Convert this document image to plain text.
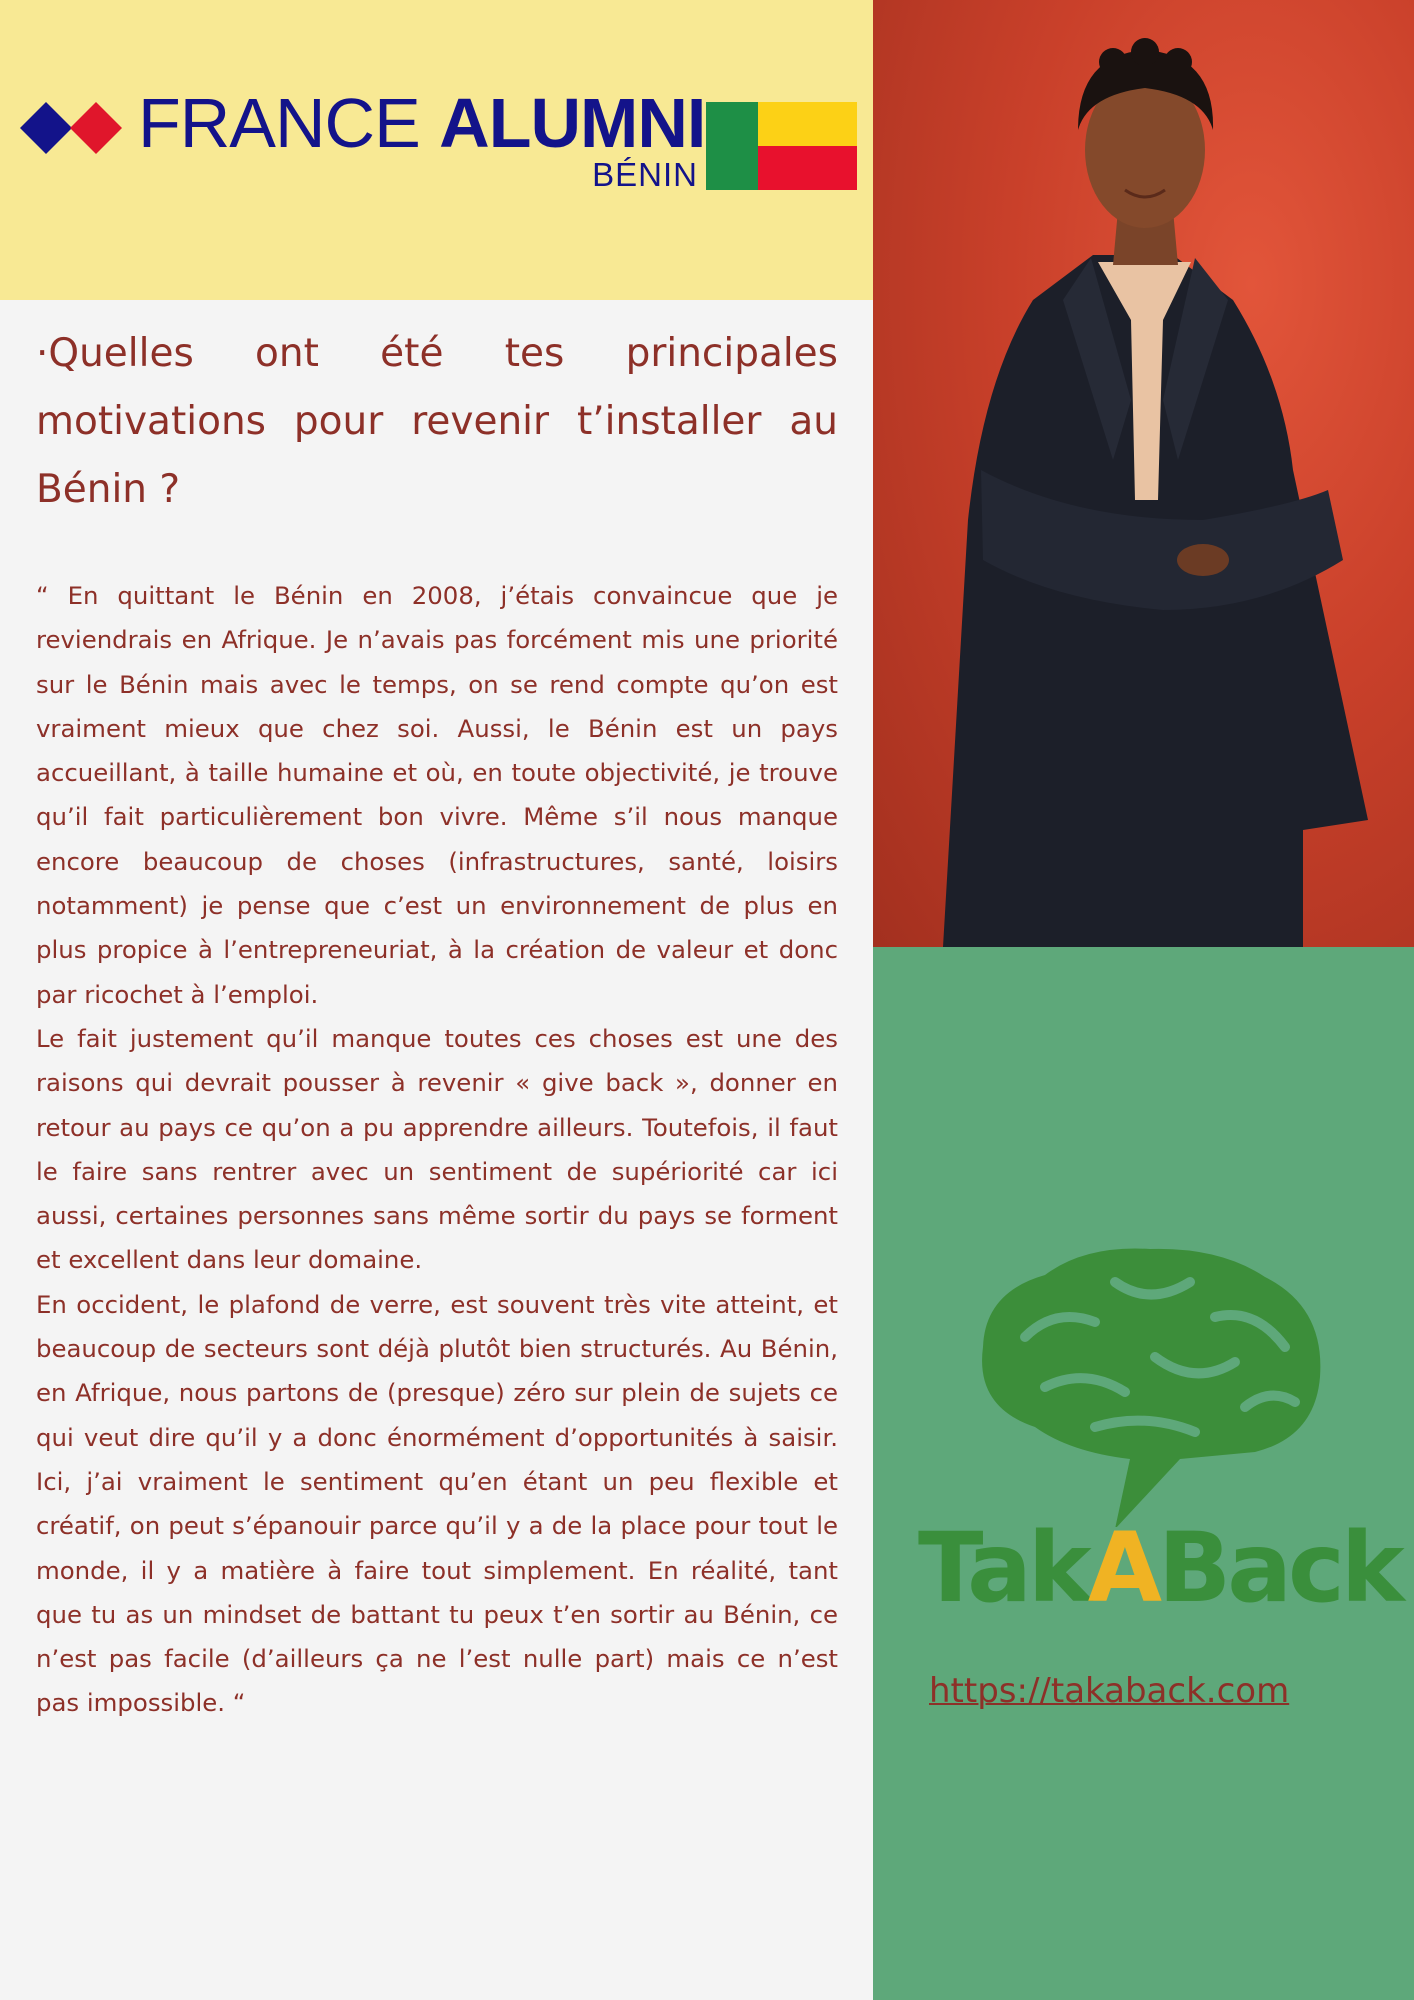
FRANCE ALUMNI
BÉNIN
·Quelles ont été tes principales motivations pour revenir t’installer au Bénin ?

“ En quittant le Bénin en 2008, j’étais convaincue que je reviendrais en Afrique. Je n’avais pas forcément mis une priorité sur le Bénin mais avec le temps, on se rend compte qu’on est vraiment mieux que chez soi. Aussi, le Bénin est un pays accueillant, à taille humaine et où, en toute objectivité, je trouve qu’il fait particulièrement bon vivre. Même s’il nous manque encore beaucoup de choses (infrastructures, santé, loisirs notamment) je pense que c’est un environnement de plus en plus propice à l’entrepreneuriat, à la création de valeur et donc par ricochet à l’emploi.

Le fait justement qu’il manque toutes ces choses est une des raisons qui devrait pousser à revenir « give back », donner en retour au pays ce qu’on a pu apprendre ailleurs. Toutefois, il faut le faire sans rentrer avec un sentiment de supériorité car ici aussi, certaines personnes sans même sortir du pays se forment et excellent dans leur domaine.

En occident, le plafond de verre, est souvent très vite atteint, et beaucoup de secteurs sont déjà plutôt bien structurés. Au Bénin, en Afrique, nous partons de (presque) zéro sur plein de sujets ce qui veut dire qu’il y a donc énormément d’opportunités à saisir. Ici, j’ai vraiment le sentiment qu’en étant un peu flexible et créatif, on peut s’épanouir parce qu’il y a de la place pour tout le monde, il y a matière à faire tout simplement. En réalité, tant que tu as un mindset de battant tu peux t’en sortir au Bénin, ce n’est pas facile (d’ailleurs ça ne l’est nulle part) mais ce n’est pas impossible. “

TakABack
https://takaback.com
